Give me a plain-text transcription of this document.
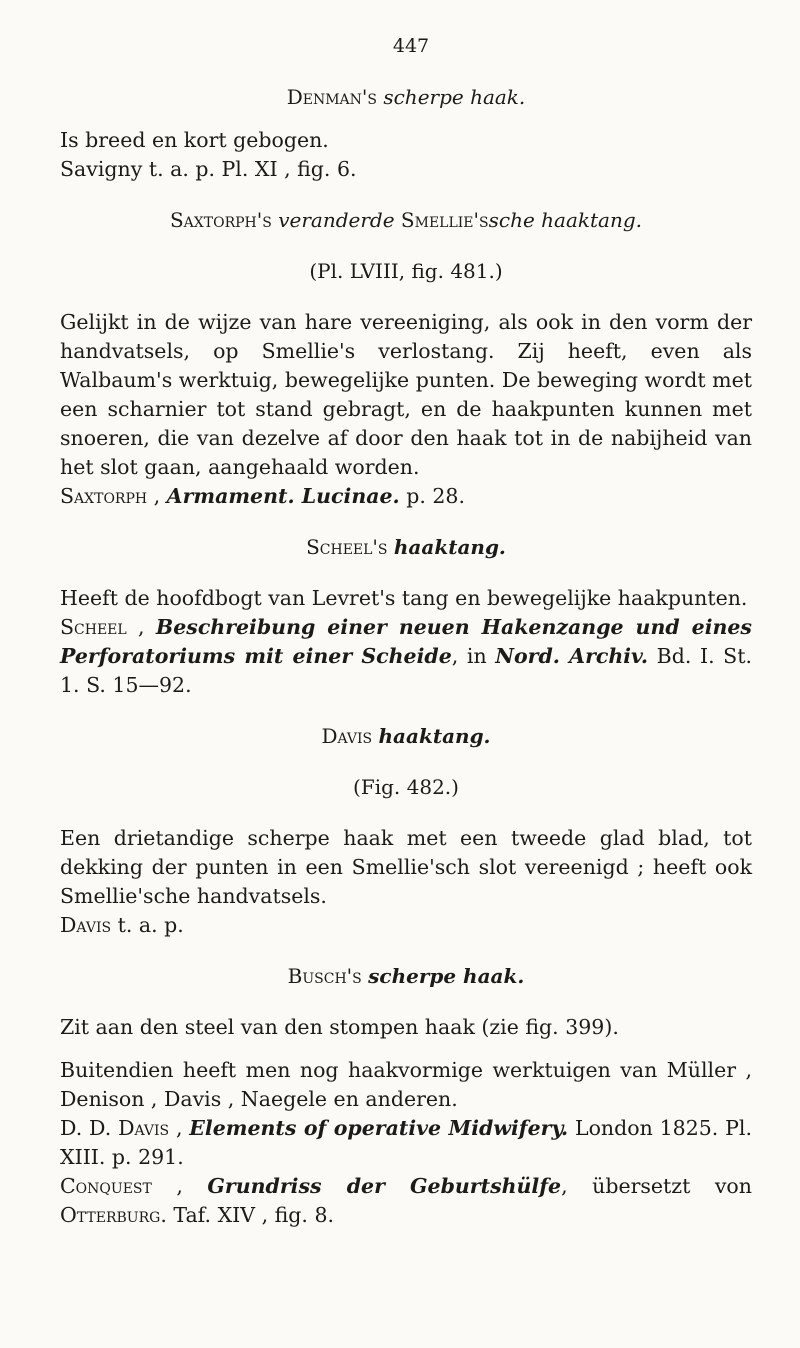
447
Denman's scherpe haak.
Is breed en kort gebogen.
Savigny t. a. p. Pl. XI , fig. 6.
Saxtorph's veranderde Smellie'ssche haaktang.
(Pl. LVIII, fig. 481.)
Gelijkt in de wijze van hare vereeniging, als ook in den vorm der handvatsels, op Smellie's verlostang. Zij heeft, even als Walbaum's werktuig, bewegelijke punten. De beweging wordt met een scharnier tot stand gebragt, en de haakpunten kunnen met snoeren, die van dezelve af door den haak tot in de nabijheid van het slot gaan, aangehaald worden.
Saxtorph , Armament. Lucinae. p. 28.
Scheel's haaktang.
Heeft de hoofdbogt van Levret's tang en bewegelijke haakpunten.
Scheel , Beschreibung einer neuen Hakenzange und eines Perforatoriums mit einer Scheide, in Nord. Archiv. Bd. I. St. 1. S. 15—92.
Davis haaktang.
(Fig. 482.)
Een drietandige scherpe haak met een tweede glad blad, tot dekking der punten in een Smellie'sch slot vereenigd ; heeft ook Smellie'sche handvatsels.
Davis t. a. p.
Busch's scherpe haak.
Zit aan den steel van den stompen haak (zie fig. 399).
Buitendien heeft men nog haakvormige werktuigen van Müller , Denison , Davis , Naegele en anderen.
D. D. Davis , Elements of operative Midwifery. London 1825. Pl. XIII. p. 291.
Conquest , Grundriss der Geburtshülfe, übersetzt von Otterburg. Taf. XIV , fig. 8.
